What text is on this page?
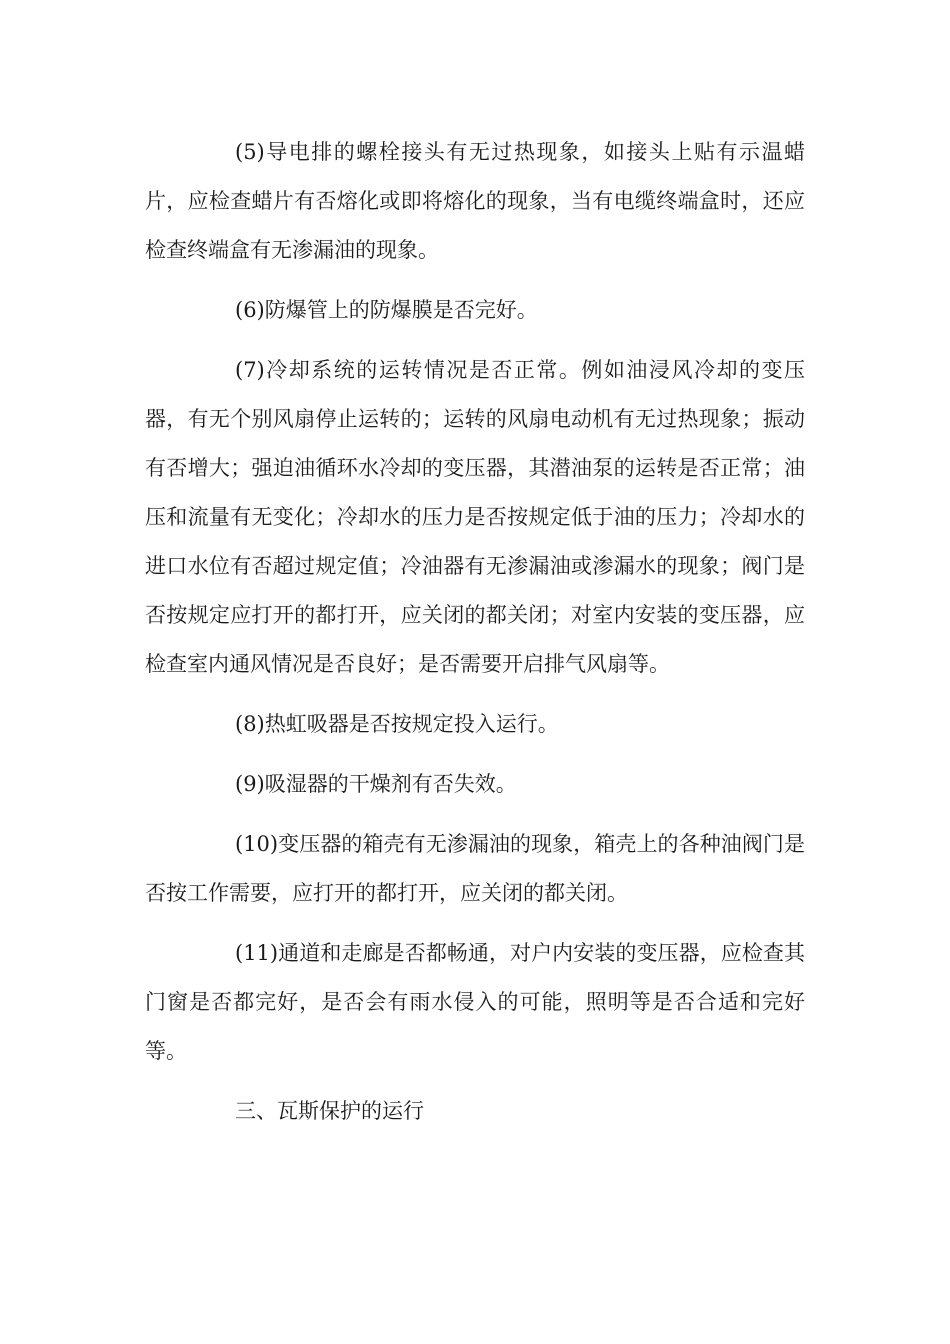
(5)导电排的螺栓接头有无过热现象，如接头上贴有示温蜡片，应检查蜡片有否熔化或即将熔化的现象，当有电缆终端盒时，还应检查终端盒有无渗漏油的现象。

(6)防爆管上的防爆膜是否完好。

(7)冷却系统的运转情况是否正常。例如油浸风冷却的变压器，有无个别风扇停止运转的；运转的风扇电动机有无过热现象；振动有否增大；强迫油循环水冷却的变压器，其潜油泵的运转是否正常；油压和流量有无变化；冷却水的压力是否按规定低于油的压力；冷却水的进口水位有否超过规定值；冷油器有无渗漏油或渗漏水的现象；阀门是否按规定应打开的都打开，应关闭的都关闭；对室内安装的变压器，应检查室内通风情况是否良好；是否需要开启排气风扇等。

(8)热虹吸器是否按规定投入运行。

(9)吸湿器的干燥剂有否失效。

(10)变压器的箱壳有无渗漏油的现象，箱壳上的各种油阀门是否按工作需要，应打开的都打开，应关闭的都关闭。

(11)通道和走廊是否都畅通，对户内安装的变压器，应检查其门窗是否都完好，是否会有雨水侵入的可能，照明等是否合适和完好等。

三、瓦斯保护的运行
